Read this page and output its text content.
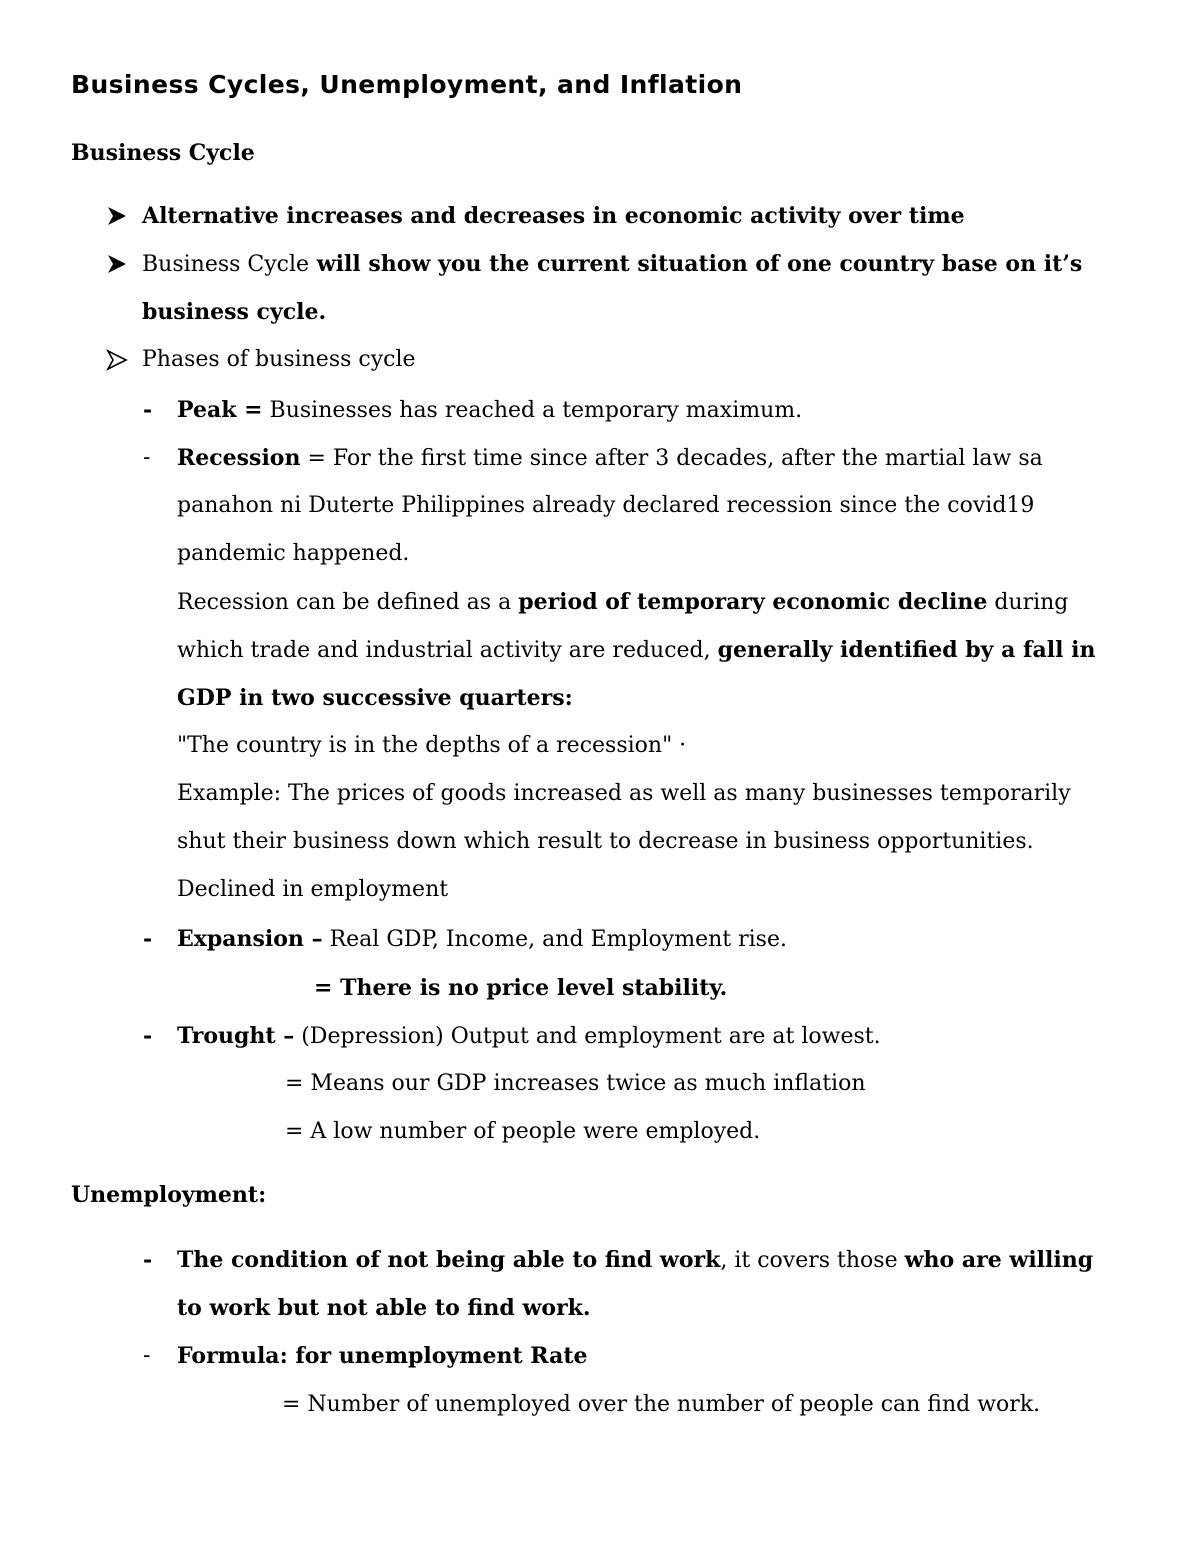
Business Cycles, Unemployment, and Inflation
Business Cycle
Alternative increases and decreases in economic activity over time
Business Cycle will show you the current situation of one country base on it’s
business cycle.
Phases of business cycle
- Peak = Businesses has reached a temporary maximum.
- Recession = For the first time since after 3 decades, after the martial law sa
panahon ni Duterte Philippines already declared recession since the covid19
pandemic happened.
Recession can be defined as a period of temporary economic decline during
which trade and industrial activity are reduced, generally identified by a fall in
GDP in two successive quarters:
"The country is in the depths of a recession" ·
Example: The prices of goods increased as well as many businesses temporarily
shut their business down which result to decrease in business opportunities.
Declined in employment
- Expansion – Real GDP, Income, and Employment rise.
= There is no price level stability.
- Trought – (Depression) Output and employment are at lowest.
= Means our GDP increases twice as much inflation
= A low number of people were employed.
Unemployment:
- The condition of not being able to find work, it covers those who are willing
to work but not able to find work.
- Formula: for unemployment Rate
= Number of unemployed over the number of people can find work.
